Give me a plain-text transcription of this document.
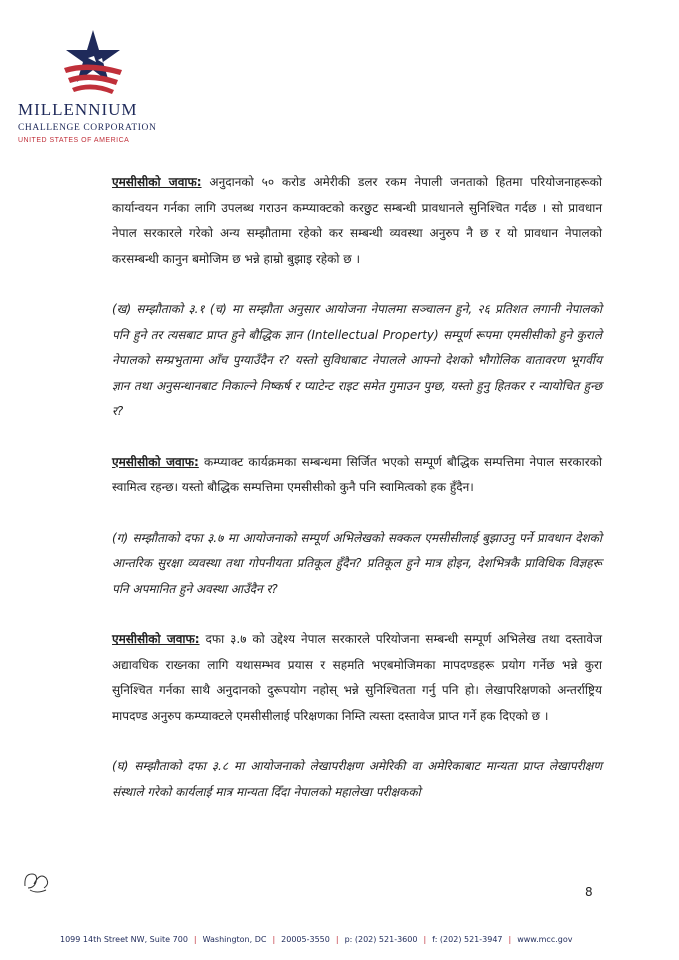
MILLENNIUM
CHALLENGE CORPORATION
UNITED STATES OF AMERICA

एमसीसीको जवाफ: अनुदानको ५० करोड अमेरीकी डलर रकम नेपाली जनताको हितमा परियोजनाहरूको कार्यान्वयन गर्नका लागि उपलब्ध गराउन कम्प्याक्टको करछुट सम्बन्धी प्रावधानले सुनिश्चित गर्दछ । सो प्रावधान नेपाल सरकारले गरेको अन्य सम्झौतामा रहेको कर सम्बन्धी व्यवस्था अनुरुप नै छ र यो प्रावधान नेपालको करसम्बन्धी कानुन बमोजिम छ भन्ने हाम्रो बुझाइ रहेको छ ।

(ख) सम्झौताको ३.१ (च) मा सम्झौता अनुसार आयोजना नेपालमा सञ्चालन हुने, २६ प्रतिशत लगानी नेपालको पनि हुने तर त्यसबाट प्राप्त हुने बौद्धिक ज्ञान (Intellectual Property) सम्पूर्ण रूपमा एमसीसीको हुने कुराले नेपालको सम्प्रभुतामा आँच पुग्याउँदैन र? यस्तो सुविधाबाट नेपालले आफ्नो देशको भौगोलिक वातावरण भूगर्वीय ज्ञान तथा अनुसन्धानबाट निकाल्ने निष्कर्ष र प्याटेन्ट राइट समेत गुमाउन पुग्छ, यस्तो हुनु हितकर र न्यायोचित हुन्छ र?

एमसीसीको जवाफ: कम्प्याक्ट कार्यक्रमका सम्बन्धमा सिर्जित भएको सम्पूर्ण बौद्धिक सम्पत्तिमा नेपाल सरकारको स्वामित्व रहन्छ। यस्तो बौद्धिक सम्पत्तिमा एमसीसीको कुनै पनि स्वामित्वको हक हुँदैन।

(ग) सम्झौताको दफा ३.७ मा आयोजनाको सम्पूर्ण अभिलेखको सक्कल एमसीसीलाई बुझाउनु पर्ने प्रावधान देशको आन्तरिक सुरक्षा व्यवस्था तथा गोपनीयता प्रतिकूल हुँदैन? प्रतिकूल हुने मात्र होइन, देशभित्रकै प्राविधिक विज्ञहरू पनि अपमानित हुने अवस्था आउँदैन र?

एमसीसीको जवाफ: दफा ३.७ को उद्देश्य नेपाल सरकारले परियोजना सम्बन्धी सम्पूर्ण अभिलेख तथा दस्तावेज अद्यावधिक राख्नका लागि यथासम्भव प्रयास र सहमति भएबमोजिमका मापदण्डहरू प्रयोग गर्नेछ भन्ने कुरा सुनिश्चित गर्नका साथै अनुदानको दुरूपयोग नहोस् भन्ने सुनिश्चितता गर्नु पनि हो। लेखापरिक्षणको अन्तर्राष्ट्रिय मापदण्ड अनुरुप कम्प्याक्टले एमसीसीलाई परिक्षणका निम्ति त्यस्ता दस्तावेज प्राप्त गर्ने हक दिएको छ ।

(घ) सम्झौताको दफा ३.८ मा आयोजनाको लेखापरीक्षण अमेरिकी वा अमेरिकाबाट मान्यता प्राप्त लेखापरीक्षण संस्थाले गरेको कार्यलाई मात्र मान्यता दिँदा नेपालको महालेखा परीक्षकको

8
1099 14th Street NW, Suite 700 | Washington, DC | 20005-3550 | p: (202) 521-3600 | f: (202) 521-3947 | www.mcc.gov
